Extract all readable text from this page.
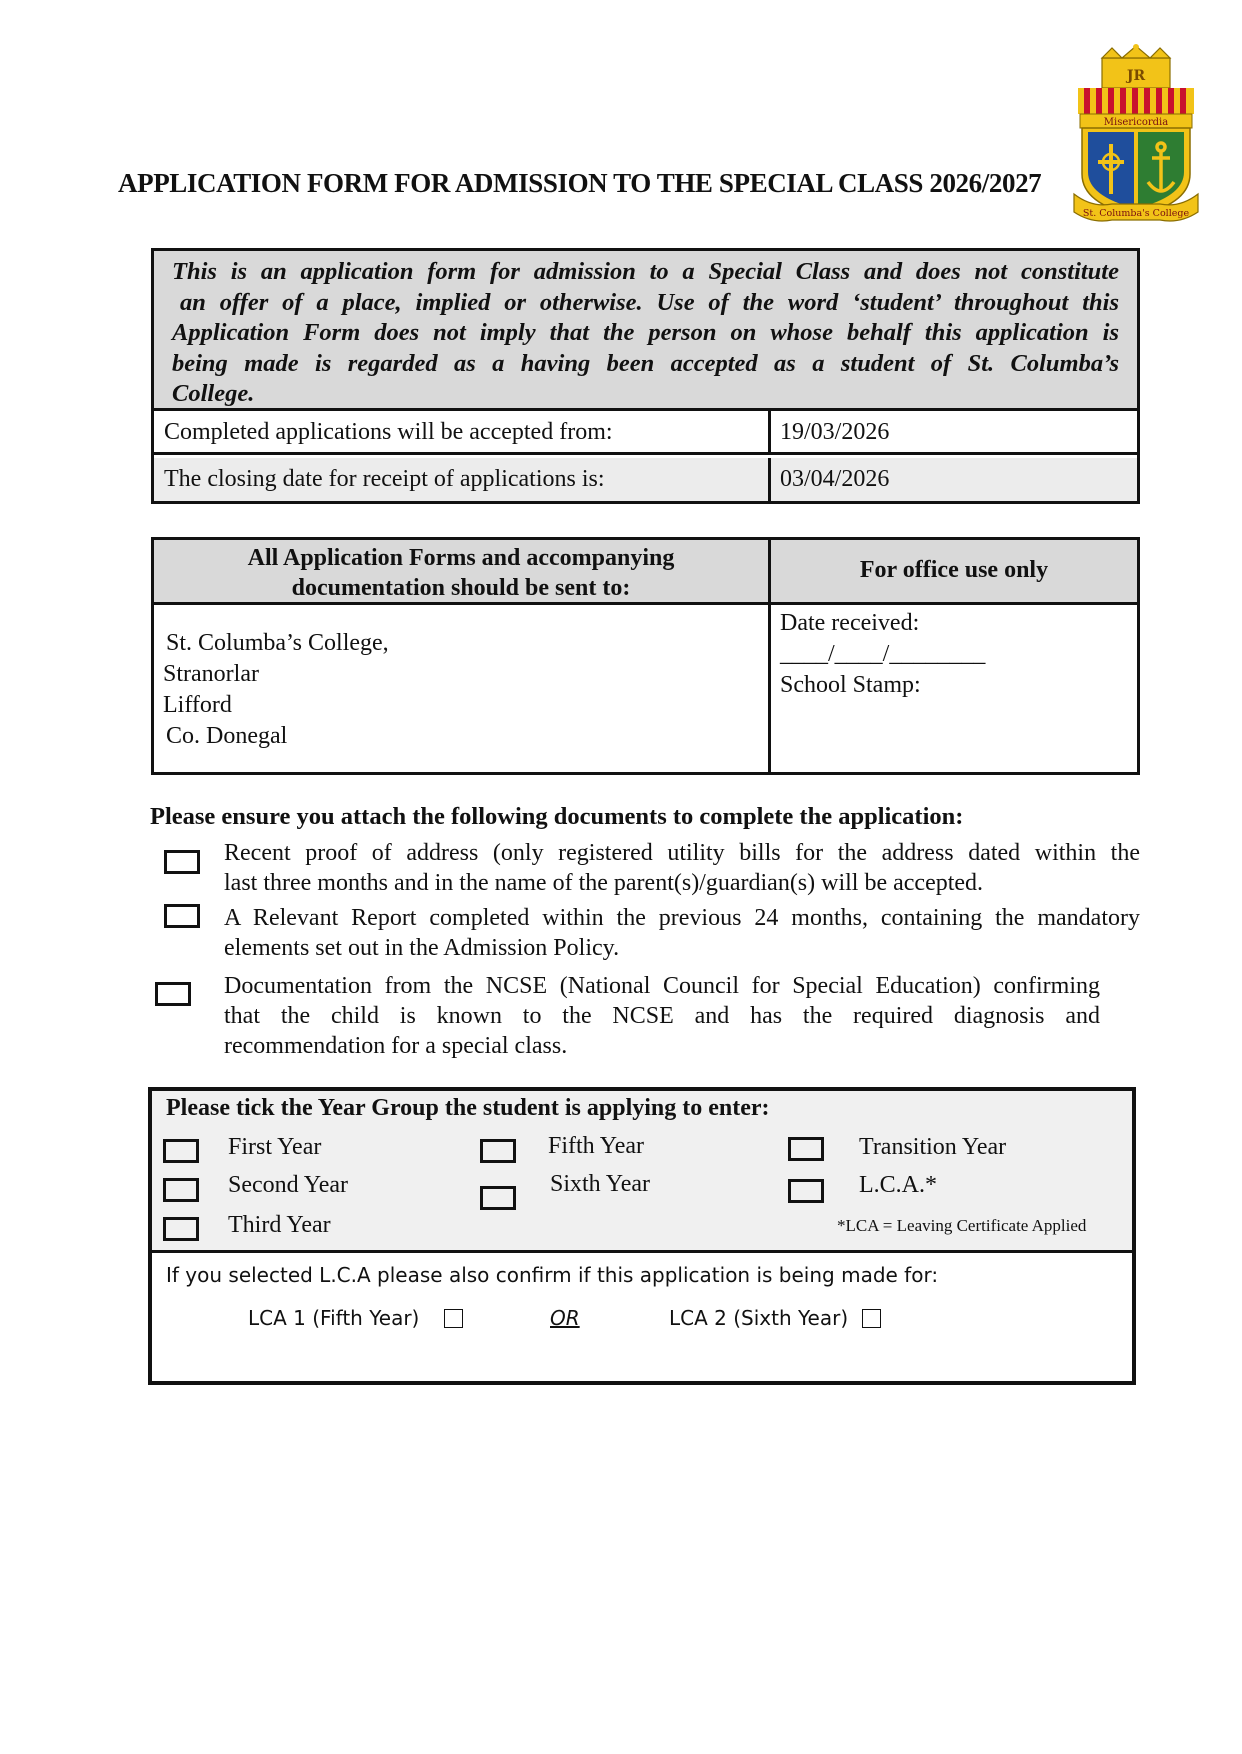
APPLICATION FORM FOR ADMISSION TO THE SPECIAL CLASS 2026/2027
JR
Misericordia
St. Columba's College
This is an application form for admission to a Special Class and does not constitute
an offer of a place, implied or otherwise. Use of the word ‘student’ throughout this
Application Form does not imply that the person on whose behalf this application is
being made is regarded as a having been accepted as a student of St. Columba’s
College.
Completed applications will be accepted from:	19/03/2026
The closing date for receipt of applications is:	03/04/2026
All Application Forms and accompanying
documentation should be sent to:
For office use only
St. Columba’s College,
Stranorlar
Lifford
Co. Donegal
Date received:
____/____/________
School Stamp:
Please ensure you attach the following documents to complete the application:
Recent proof of address (only registered utility bills for the address dated within the
last three months and in the name of the parent(s)/guardian(s) will be accepted.
A Relevant Report completed within the previous 24 months, containing the mandatory
elements set out in the Admission Policy.
Documentation from the NCSE (National Council for Special Education) confirming
that the child is known to the NCSE and has the required diagnosis and
recommendation for a special class.
Please tick the Year Group the student is applying to enter:
First Year
Second Year
Third Year
Fifth Year
Sixth Year
Transition Year
L.C.A.*
*LCA = Leaving Certificate Applied
If you selected L.C.A please also confirm if this application is being made for:
LCA 1 (Fifth Year)	OR	LCA 2 (Sixth Year)
